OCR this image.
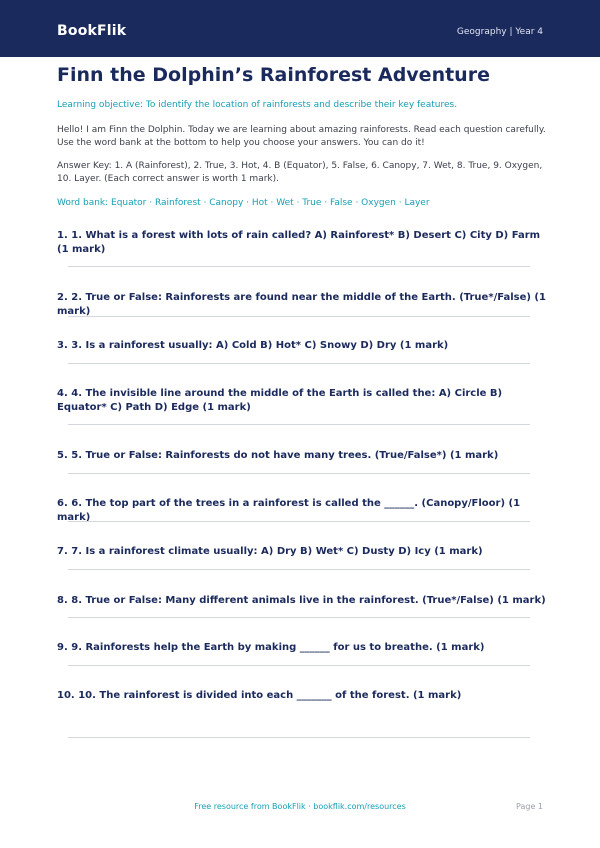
BookFlik	Geography | Year 4
Finn the Dolphin’s Rainforest Adventure
Learning objective: To identify the location of rainforests and describe their key features.
Hello! I am Finn the Dolphin. Today we are learning about amazing rainforests. Read each question carefully. Use the word bank at the bottom to help you choose your answers. You can do it!
Answer Key: 1. A (Rainforest), 2. True, 3. Hot, 4. B (Equator), 5. False, 6. Canopy, 7. Wet, 8. True, 9. Oxygen, 10. Layer. (Each correct answer is worth 1 mark).
Word bank: Equator · Rainforest · Canopy · Hot · Wet · True · False · Oxygen · Layer
1. 1. What is a forest with lots of rain called? A) Rainforest* B) Desert C) City D) Farm (1 mark)
2. 2. True or False: Rainforests are found near the middle of the Earth. (True*/False) (1 mark)
3. 3. Is a rainforest usually: A) Cold B) Hot* C) Snowy D) Dry (1 mark)
4. 4. The invisible line around the middle of the Earth is called the: A) Circle B) Equator* C) Path D) Edge (1 mark)
5. 5. True or False: Rainforests do not have many trees. (True/False*) (1 mark)
6. 6. The top part of the trees in a rainforest is called the ______. (Canopy/Floor) (1 mark)
7. 7. Is a rainforest climate usually: A) Dry B) Wet* C) Dusty D) Icy (1 mark)
8. 8. True or False: Many different animals live in the rainforest. (True*/False) (1 mark)
9. 9. Rainforests help the Earth by making ______ for us to breathe. (1 mark)
10. 10. The rainforest is divided into each _______ of the forest. (1 mark)
Free resource from BookFlik · bookflik.com/resources	Page 1
